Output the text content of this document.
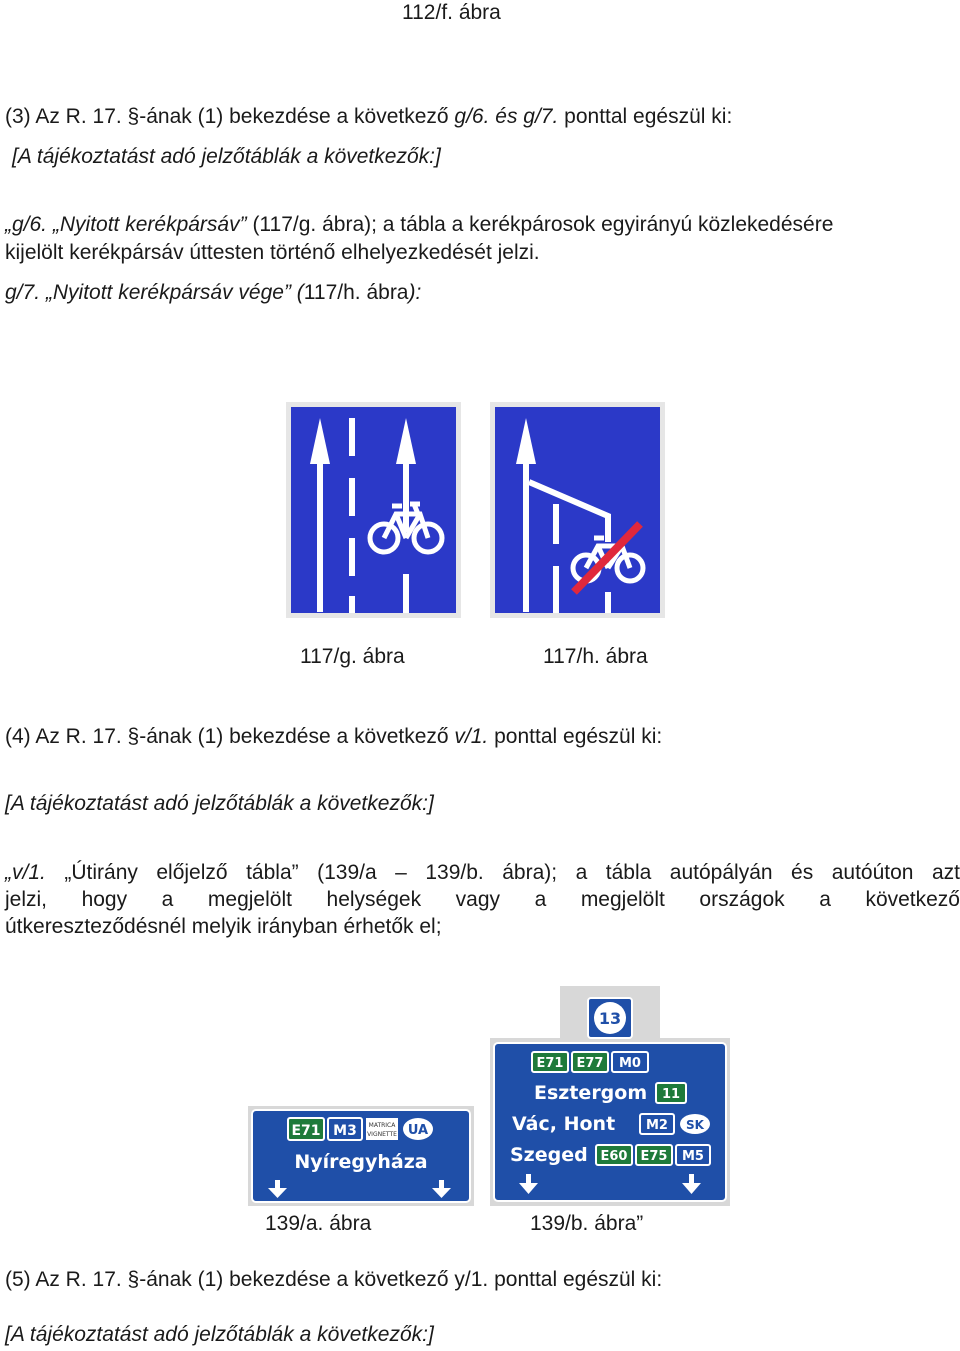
112/f. ábra
(3) Az R. 17. §-ának (1) bekezdése a következő g/6. és g/7. ponttal egészül ki:
[A tájékoztatást adó jelzőtáblák a következők:]
„g/6. „Nyitott kerékpársáv” (117/g. ábra); a tábla a kerékpárosok egyirányú közlekedésére
kijelölt kerékpársáv úttesten történő elhelyezkedését jelzi.
g/7. „Nyitott kerékpársáv vége” (117/h. ábra):
117/g. ábra	117/h. ábra
(4) Az R. 17. §-ának (1) bekezdése a következő v/1. ponttal egészül ki:
[A tájékoztatást adó jelzőtáblák a következők:]
„v/1. „Útirány előjelző tábla” (139/a – 139/b. ábra); a tábla autópályán és autóúton azt
jelzi, hogy a megjelölt helységek vagy a megjelölt országok a következő
útkereszteződésnél melyik irányban érhetők el;
E71 M3 MATRICA
VIGNETTE UA
Nyíregyháza
13
E71 E77 M0
Esztergom 11
Vác, Hont M2 SK
Szeged E60 E75 M5
139/a. ábra	139/b. ábra”
(5) Az R. 17. §-ának (1) bekezdése a következő y/1. ponttal egészül ki:
[A tájékoztatást adó jelzőtáblák a következők:]
